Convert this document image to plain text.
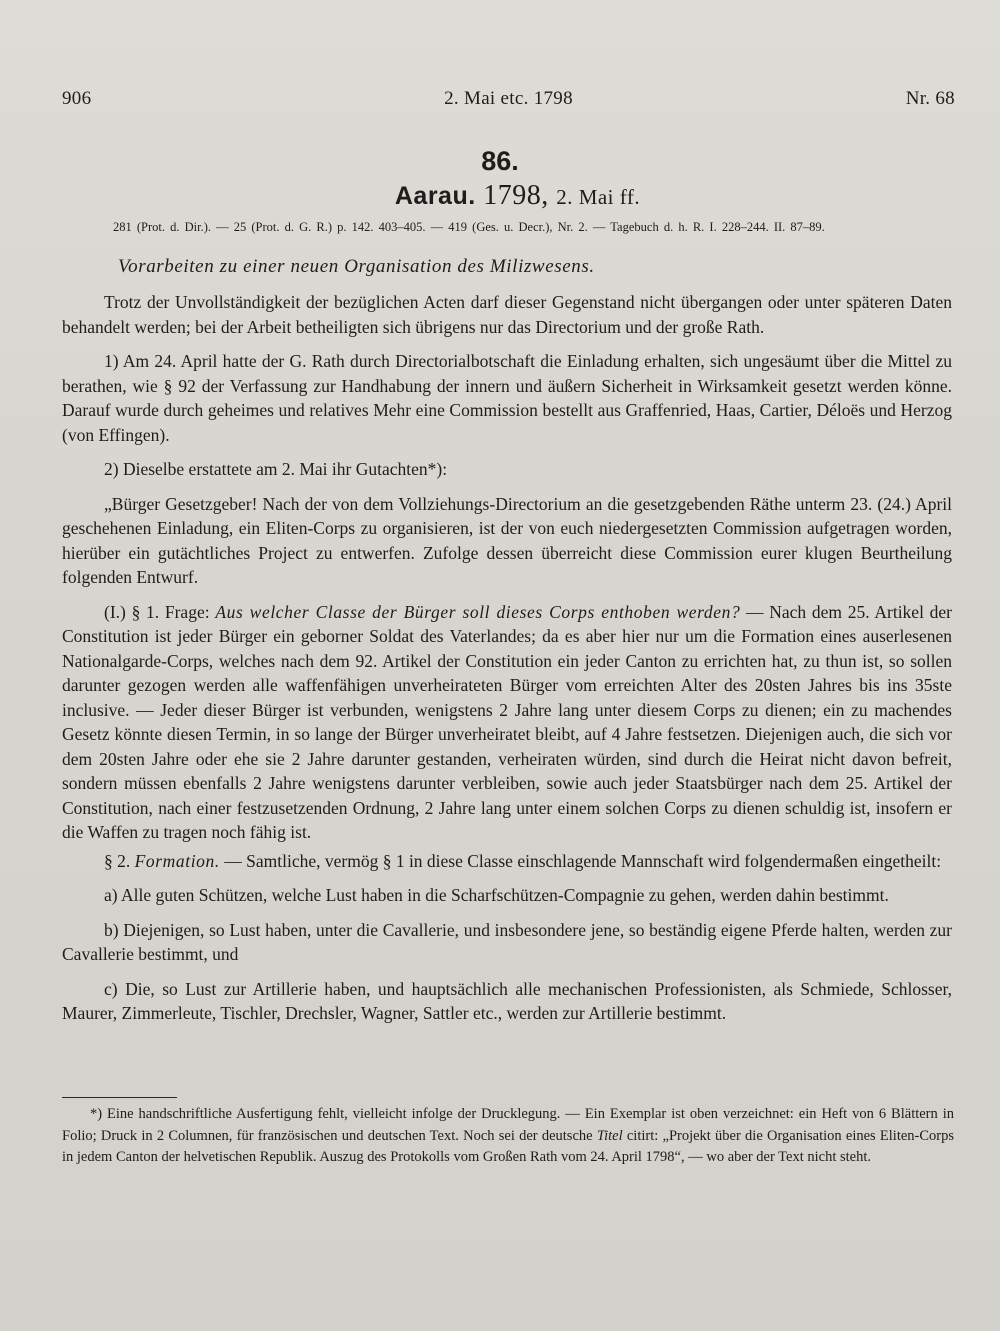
2. Mai etc. 1798
906	Nr. 68
86.
Aarau. 1798, 2. Mai ff.
281 (Prot. d. Dir.). — 25 (Prot. d. G. R.) p. 142. 403–405. — 419 (Ges. u. Decr.), Nr. 2. — Tagebuch d. h. R. I. 228–244. II. 87–89.
Vorarbeiten zu einer neuen Organisation des Milizwesens.

Trotz der Unvollständigkeit der bezüglichen Acten darf dieser Gegenstand nicht übergangen oder unter späteren Daten behandelt werden; bei der Arbeit betheiligten sich übrigens nur das Directorium und der große Rath.

1) Am 24. April hatte der G. Rath durch Directorialbotschaft die Einladung erhalten, sich ungesäumt über die Mittel zu berathen, wie § 92 der Verfassung zur Handhabung der innern und äußern Sicherheit in Wirksamkeit gesetzt werden könne. Darauf wurde durch geheimes und relatives Mehr eine Commission bestellt aus Graffenried, Haas, Cartier, Déloës und Herzog (von Effingen).

2) Dieselbe erstattete am 2. Mai ihr Gutachten*):

„Bürger Gesetzgeber! Nach der von dem Vollziehungs-Directorium an die gesetzgebenden Räthe unterm 23. (24.) April geschehenen Einladung, ein Eliten-Corps zu organisieren, ist der von euch niedergesetzten Commission aufgetragen worden, hierüber ein gutächtliches Project zu entwerfen. Zufolge dessen überreicht diese Commission eurer klugen Beurtheilung folgenden Entwurf.

(I.) § 1. Frage: Aus welcher Classe der Bürger soll dieses Corps enthoben werden? — Nach dem 25. Artikel der Constitution ist jeder Bürger ein geborner Soldat des Vaterlandes; da es aber hier nur um die Formation eines auserlesenen Nationalgarde-Corps, welches nach dem 92. Artikel der Constitution ein jeder Canton zu errichten hat, zu thun ist, so sollen darunter gezogen werden alle waffenfähigen unverheirateten Bürger vom erreichten Alter des 20sten Jahres bis ins 35ste inclusive. — Jeder dieser Bürger ist verbunden, wenigstens 2 Jahre lang unter diesem Corps zu dienen; ein zu machendes Gesetz könnte diesen Termin, in so lange der Bürger unverheiratet bleibt, auf 4 Jahre festsetzen. Diejenigen auch, die sich vor dem 20sten Jahre oder ehe sie 2 Jahre darunter gestanden, verheiraten würden, sind durch die Heirat nicht davon befreit, sondern müssen ebenfalls 2 Jahre wenigstens darunter verbleiben, sowie auch jeder Staatsbürger nach dem 25. Artikel der Constitution, nach einer festzusetzenden Ordnung, 2 Jahre lang unter einem solchen Corps zu dienen schuldig ist, insofern er die Waffen zu tragen noch fähig ist.

§ 2. Formation. — Samtliche, vermög § 1 in diese Classe einschlagende Mannschaft wird folgendermaßen eingetheilt:

a) Alle guten Schützen, welche Lust haben in die Scharfschützen-Compagnie zu gehen, werden dahin bestimmt.

b) Diejenigen, so Lust haben, unter die Cavallerie, und insbesondere jene, so beständig eigene Pferde halten, werden zur Cavallerie bestimmt, und

c) Die, so Lust zur Artillerie haben, und hauptsächlich alle mechanischen Professionisten, als Schmiede, Schlosser, Maurer, Zimmerleute, Tischler, Drechsler, Wagner, Sattler etc., werden zur Artillerie bestimmt.

*) Eine handschriftliche Ausfertigung fehlt, vielleicht infolge der Drucklegung. — Ein Exemplar ist oben verzeichnet: ein Heft von 6 Blättern in Folio; Druck in 2 Columnen, für französischen und deutschen Text. Noch sei der deutsche Titel citirt: „Projekt über die Organisation eines Eliten-Corps in jedem Canton der helvetischen Republik. Auszug des Protokolls vom Großen Rath vom 24. April 1798“, — wo aber der Text nicht steht.
